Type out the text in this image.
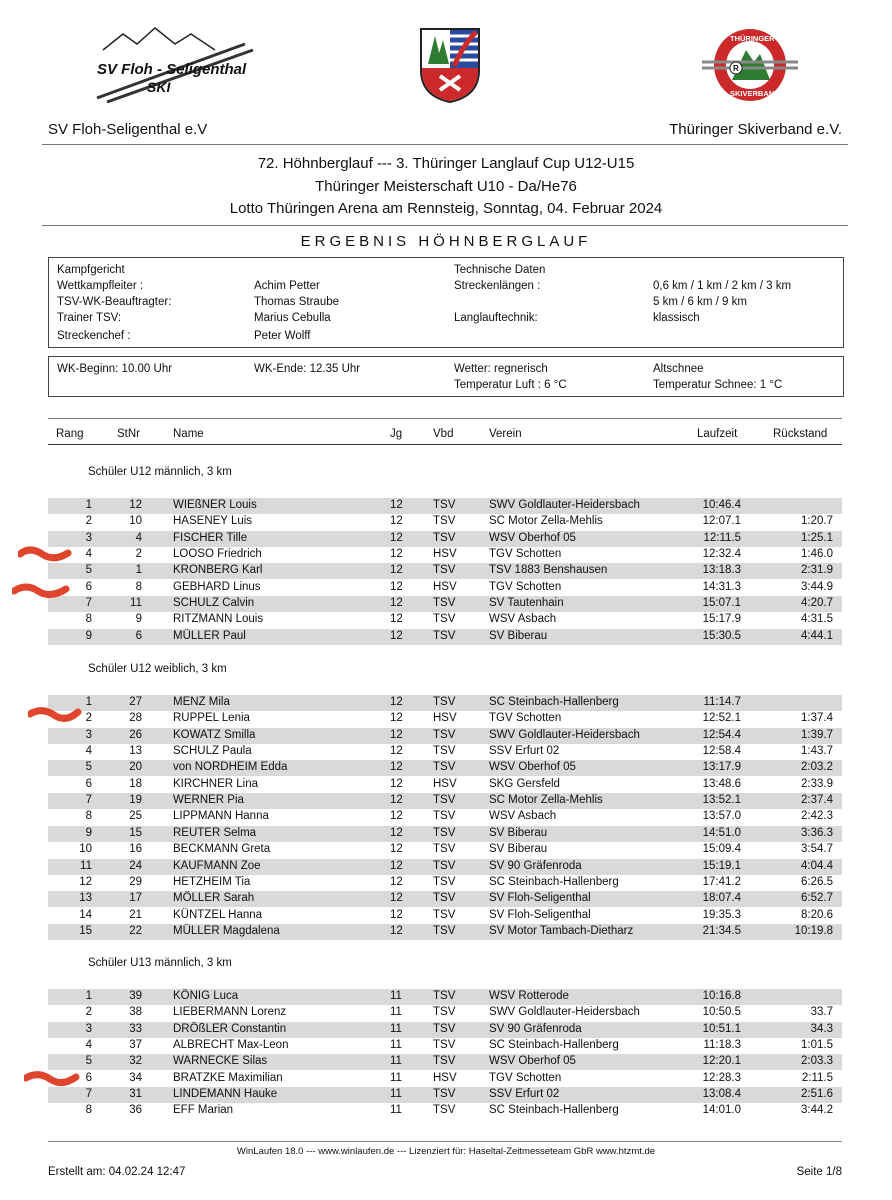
SV Floh - Seligenthal
SKI
R
THÜRINGER
SKIVERBAND
SV Floh-Seligenthal e.V	Thüringer Skiverband e.V.
72. Höhnberglauf --- 3. Thüringer Langlauf Cup U12-U15
Thüringer Meisterschaft U10 - Da/He76
Lotto Thüringen Arena am Rennsteig, Sonntag, 04. Februar 2024
ERGEBNIS HÖHNBERGLAUF
Kampfgericht
Wettkampfleiter :	Achim Petter
TSV-WK-Beauftragter:	Thomas Straube
Trainer TSV:	Marius Cebulla
Streckenchef :	Peter Wolff
Technische Daten
Streckenlängen :	0,6 km / 1 km / 2 km / 3 km
5 km / 6 km / 9 km
Langlauftechnik:	klassisch
WK-Beginn: 10.00 Uhr	WK-Ende: 12.35 Uhr	Wetter: regnerisch
Temperatur Luft : 6 °C
Altschnee
Temperatur Schnee: 1 °C
Rang	StNr	Name	Jg	Vbd	Verein	Laufzeit	Rückstand
Schüler U12 männlich, 3 km
1	12	WIEßNER Louis	12	TSV	SWV Goldlauter-Heidersbach	10:46.4
2	10	HASENEY Luis	12	TSV	SC Motor Zella-Mehlis	12:07.1	1:20.7
3	4	FISCHER Tille	12	TSV	WSV Oberhof 05	12:11.5	1:25.1
4	2	LOOSO Friedrich	12	HSV	TGV Schotten	12:32.4	1:46.0
5	1	KRONBERG Karl	12	TSV	TSV 1883 Benshausen	13:18.3	2:31.9
6	8	GEBHARD Linus	12	HSV	TGV Schotten	14:31.3	3:44.9
7	11	SCHULZ Calvin	12	TSV	SV Tautenhain	15:07.1	4:20.7
8	9	RITZMANN Louis	12	TSV	WSV Asbach	15:17.9	4:31.5
9	6	MÜLLER Paul	12	TSV	SV Biberau	15:30.5	4:44.1
Schüler U12 weiblich, 3 km
1	27	MENZ Mila	12	TSV	SC Steinbach-Hallenberg	11:14.7
2	28	RUPPEL Lenia	12	HSV	TGV Schotten	12:52.1	1:37.4
3	26	KOWATZ Smilla	12	TSV	SWV Goldlauter-Heidersbach	12:54.4	1:39.7
4	13	SCHULZ Paula	12	TSV	SSV Erfurt 02	12:58.4	1:43.7
5	20	von NORDHEIM Edda	12	TSV	WSV Oberhof 05	13:17.9	2:03.2
6	18	KIRCHNER Lina	12	HSV	SKG Gersfeld	13:48.6	2:33.9
7	19	WERNER Pia	12	TSV	SC Motor Zella-Mehlis	13:52.1	2:37.4
8	25	LIPPMANN Hanna	12	TSV	WSV Asbach	13:57.0	2:42.3
9	15	REUTER Selma	12	TSV	SV Biberau	14:51.0	3:36.3
10	16	BECKMANN Greta	12	TSV	SV Biberau	15:09.4	3:54.7
11	24	KAUFMANN Zoe	12	TSV	SV 90 Gräfenroda	15:19.1	4:04.4
12	29	HETZHEIM Tia	12	TSV	SC Steinbach-Hallenberg	17:41.2	6:26.5
13	17	MÖLLER Sarah	12	TSV	SV Floh-Seligenthal	18:07.4	6:52.7
14	21	KÜNTZEL Hanna	12	TSV	SV Floh-Seligenthal	19:35.3	8:20.6
15	22	MÜLLER Magdalena	12	TSV	SV Motor Tambach-Dietharz	21:34.5	10:19.8
Schüler U13 männlich, 3 km
1	39	KÖNIG Luca	11	TSV	WSV Rotterode	10:16.8
2	38	LIEBERMANN Lorenz	11	TSV	SWV Goldlauter-Heidersbach	10:50.5	33.7
3	33	DRÖßLER Constantin	11	TSV	SV 90 Gräfenroda	10:51.1	34.3
4	37	ALBRECHT Max-Leon	11	TSV	SC Steinbach-Hallenberg	11:18.3	1:01.5
5	32	WARNECKE Silas	11	TSV	WSV Oberhof 05	12:20.1	2:03.3
6	34	BRATZKE Maximilian	11	HSV	TGV Schotten	12:28.3	2:11.5
7	31	LINDEMANN Hauke	11	TSV	SSV Erfurt 02	13:08.4	2:51.6
8	36	EFF Marian	11	TSV	SC Steinbach-Hallenberg	14:01.0	3:44.2
WinLaufen 18.0 --- www.winlaufen.de --- Lizenziert für: Haseltal-Zeitmesseteam GbR www.htzmt.de
Erstellt am: 04.02.24 12:47	Seite 1/8
